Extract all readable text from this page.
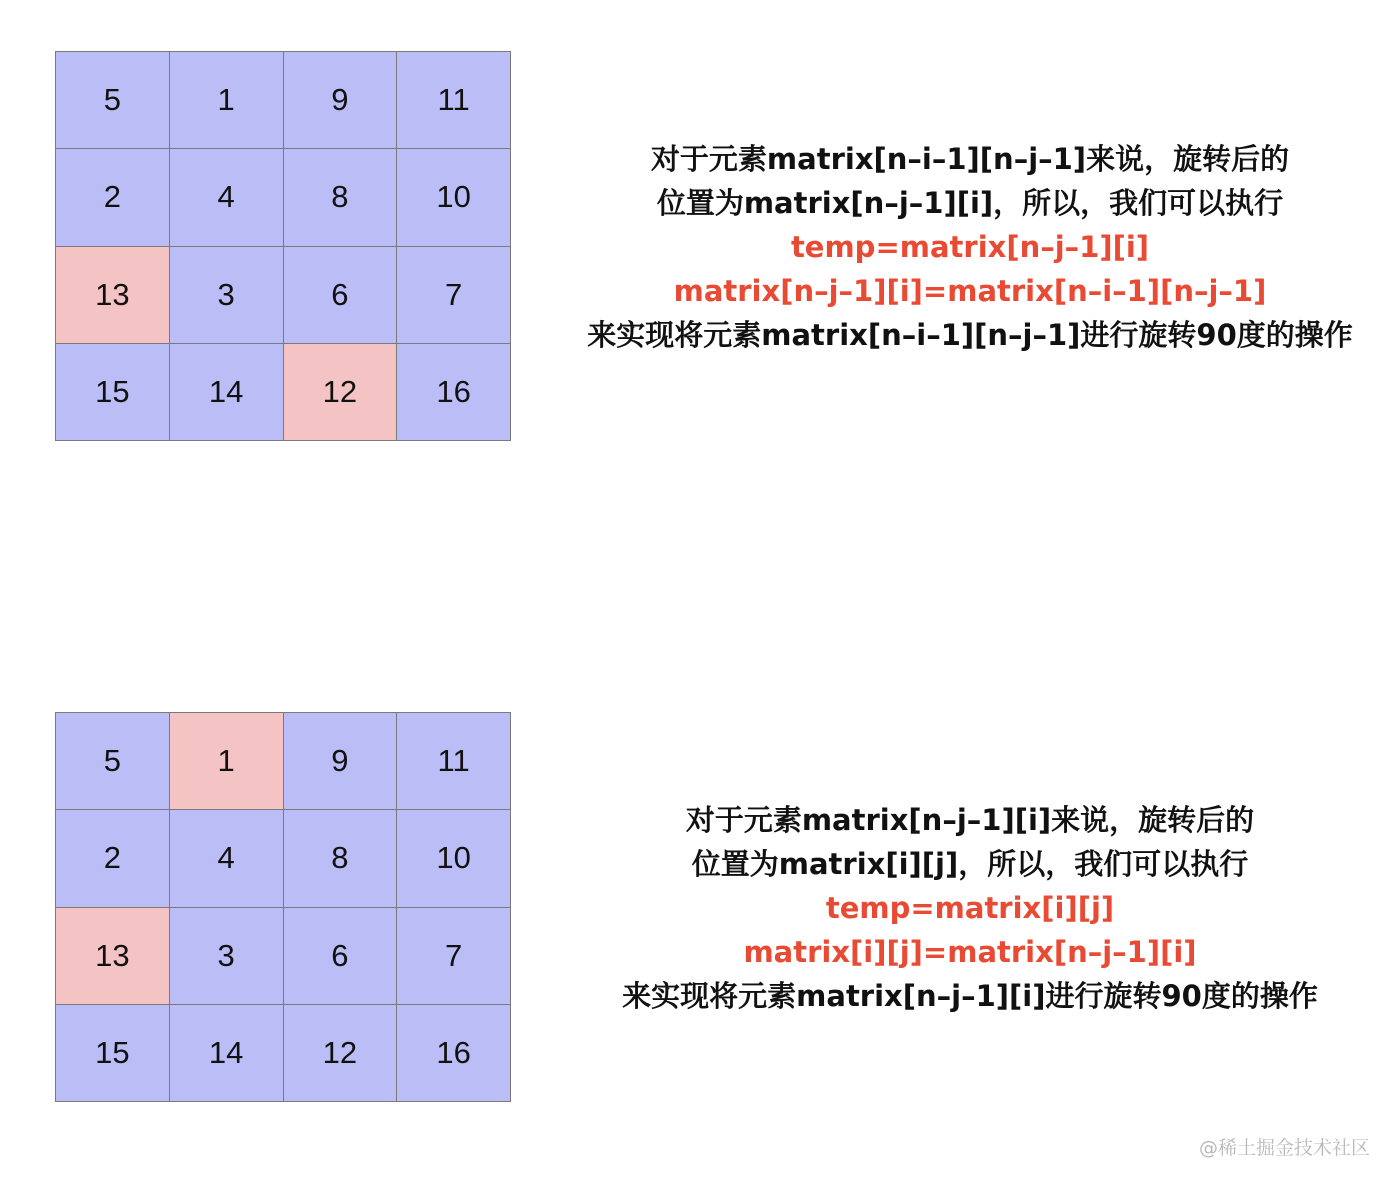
5	1	9	11
2	4	8	10
13	3	6	7
15	14	12	16
对于元素matrix[n–i–1][n–j–1]来说，旋转后的
位置为matrix[n–j–1][i]，所以，我们可以执行
temp=matrix[n–j–1][i]
matrix[n–j–1][i]=matrix[n–i–1][n–j–1]
来实现将元素matrix[n–i–1][n–j–1]进行旋转90度的操作
5	1	9	11
2	4	8	10
13	3	6	7
15	14	12	16
对于元素matrix[n–j–1][i]来说，旋转后的
位置为matrix[i][j]，所以，我们可以执行
temp=matrix[i][j]
matrix[i][j]=matrix[n–j–1][i]
来实现将元素matrix[n–j–1][i]进行旋转90度的操作
@稀土掘金技术社区
